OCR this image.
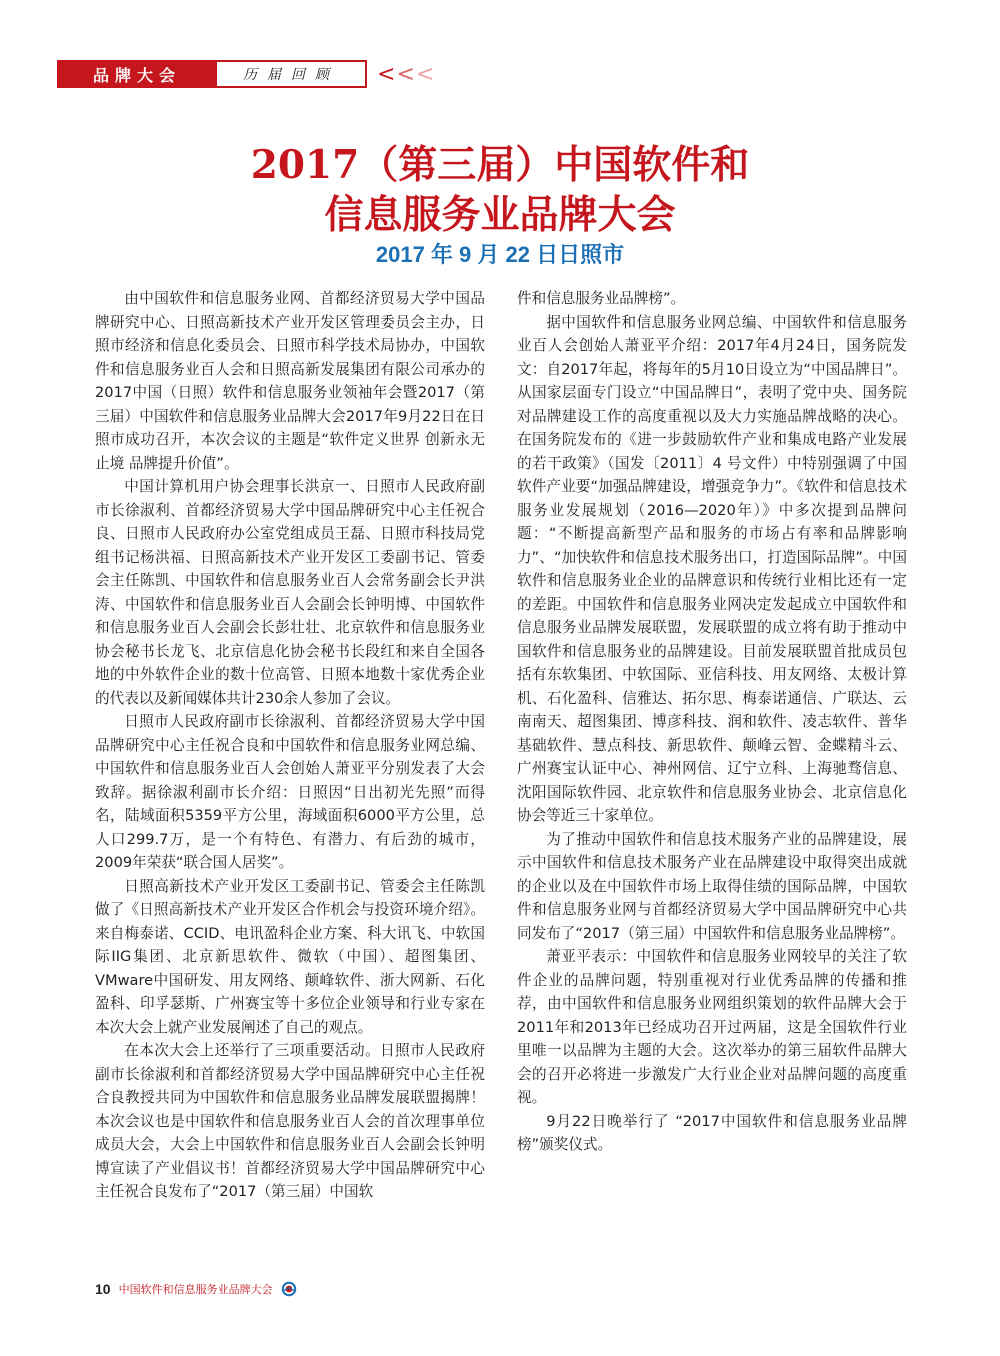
品牌大会	历届回顾	< < <
2017（第三届）中国软件和
信息服务业品牌大会
2017 年 9 月 22 日日照市

由中国软件和信息服务业网、首都经济贸易大学中国品牌研究中心、日照高新技术产业开发区管理委员会主办，日照市经济和信息化委员会、日照市科学技术局协办，中国软件和信息服务业百人会和日照高新发展集团有限公司承办的2017中国（日照）软件和信息服务业领袖年会暨2017（第三届）中国软件和信息服务业品牌大会2017年9月22日在日照市成功召开，本次会议的主题是“软件定义世界 创新永无止境 品牌提升价值”。

中国计算机用户协会理事长洪京一、日照市人民政府副市长徐淑利、首都经济贸易大学中国品牌研究中心主任祝合良、日照市人民政府办公室党组成员王磊、日照市科技局党组书记杨洪福、日照高新技术产业开发区工委副书记、管委会主任陈凯、中国软件和信息服务业百人会常务副会长尹洪涛、中国软件和信息服务业百人会副会长钟明博、中国软件和信息服务业百人会副会长彭壮壮、北京软件和信息服务业协会秘书长龙飞、北京信息化协会秘书长段红和来自全国各地的中外软件企业的数十位高管、日照本地数十家优秀企业的代表以及新闻媒体共计230余人参加了会议。

日照市人民政府副市长徐淑利、首都经济贸易大学中国品牌研究中心主任祝合良和中国软件和信息服务业网总编、中国软件和信息服务业百人会创始人萧亚平分别发表了大会致辞。据徐淑利副市长介绍：日照因“日出初光先照”而得名，陆域面积5359平方公里，海域面积6000平方公里，总人口299.7万，是一个有特色、有潜力、有后劲的城市，2009年荣获“联合国人居奖”。

日照高新技术产业开发区工委副书记、管委会主任陈凯做了《日照高新技术产业开发区合作机会与投资环境介绍》。来自梅泰诺、CCID、电讯盈科企业方案、科大讯飞、中软国际IIG集团、北京新思软件、微软（中国）、超图集团、VMware中国研发、用友网络、颠峰软件、浙大网新、石化盈科、印孚瑟斯、广州赛宝等十多位企业领导和行业专家在本次大会上就产业发展阐述了自己的观点。

在本次大会上还举行了三项重要活动。日照市人民政府副市长徐淑利和首都经济贸易大学中国品牌研究中心主任祝合良教授共同为中国软件和信息服务业品牌发展联盟揭牌！本次会议也是中国软件和信息服务业百人会的首次理事单位成员大会，大会上中国软件和信息服务业百人会副会长钟明博宣读了产业倡议书！首都经济贸易大学中国品牌研究中心主任祝合良发布了“2017（第三届）中国软

件和信息服务业品牌榜”。

据中国软件和信息服务业网总编、中国软件和信息服务业百人会创始人萧亚平介绍：2017年4月24日，国务院发文：自2017年起，将每年的5月10日设立为“中国品牌日”。从国家层面专门设立“中国品牌日”，表明了党中央、国务院对品牌建设工作的高度重视以及大力实施品牌战略的决心。在国务院发布的《进一步鼓励软件产业和集成电路产业发展的若干政策》（国发〔2011〕4 号文件）中特别强调了中国软件产业要“加强品牌建设，增强竞争力”。《软件和信息技术服务业发展规划（2016—2020年）》中多次提到品牌问题：“不断提高新型产品和服务的市场占有率和品牌影响力”、“加快软件和信息技术服务出口，打造国际品牌”。中国软件和信息服务业企业的品牌意识和传统行业相比还有一定的差距。中国软件和信息服务业网决定发起成立中国软件和信息服务业品牌发展联盟，发展联盟的成立将有助于推动中国软件和信息服务业的品牌建设。目前发展联盟首批成员包括有东软集团、中软国际、亚信科技、用友网络、太极计算机、石化盈科、信雅达、拓尔思、梅泰诺通信、广联达、云南南天、超图集团、博彦科技、润和软件、凌志软件、普华基础软件、慧点科技、新思软件、颠峰云智、金蝶精斗云、广州赛宝认证中心、神州网信、辽宁立科、上海驰骛信息、沈阳国际软件园、北京软件和信息服务业协会、北京信息化协会等近三十家单位。

为了推动中国软件和信息技术服务产业的品牌建设，展示中国软件和信息技术服务产业在品牌建设中取得突出成就的企业以及在中国软件市场上取得佳绩的国际品牌，中国软件和信息服务业网与首都经济贸易大学中国品牌研究中心共同发布了“2017（第三届）中国软件和信息服务业品牌榜”。

萧亚平表示：中国软件和信息服务业网较早的关注了软件企业的品牌问题，特别重视对行业优秀品牌的传播和推荐，由中国软件和信息服务业网组织策划的软件品牌大会于2011年和2013年已经成功召开过两届，这是全国软件行业里唯一以品牌为主题的大会。这次举办的第三届软件品牌大会的召开必将进一步激发广大行业企业对品牌问题的高度重视。

9月22日晚举行了 “2017中国软件和信息服务业品牌榜”颁奖仪式。

10 中国软件和信息服务业品牌大会
